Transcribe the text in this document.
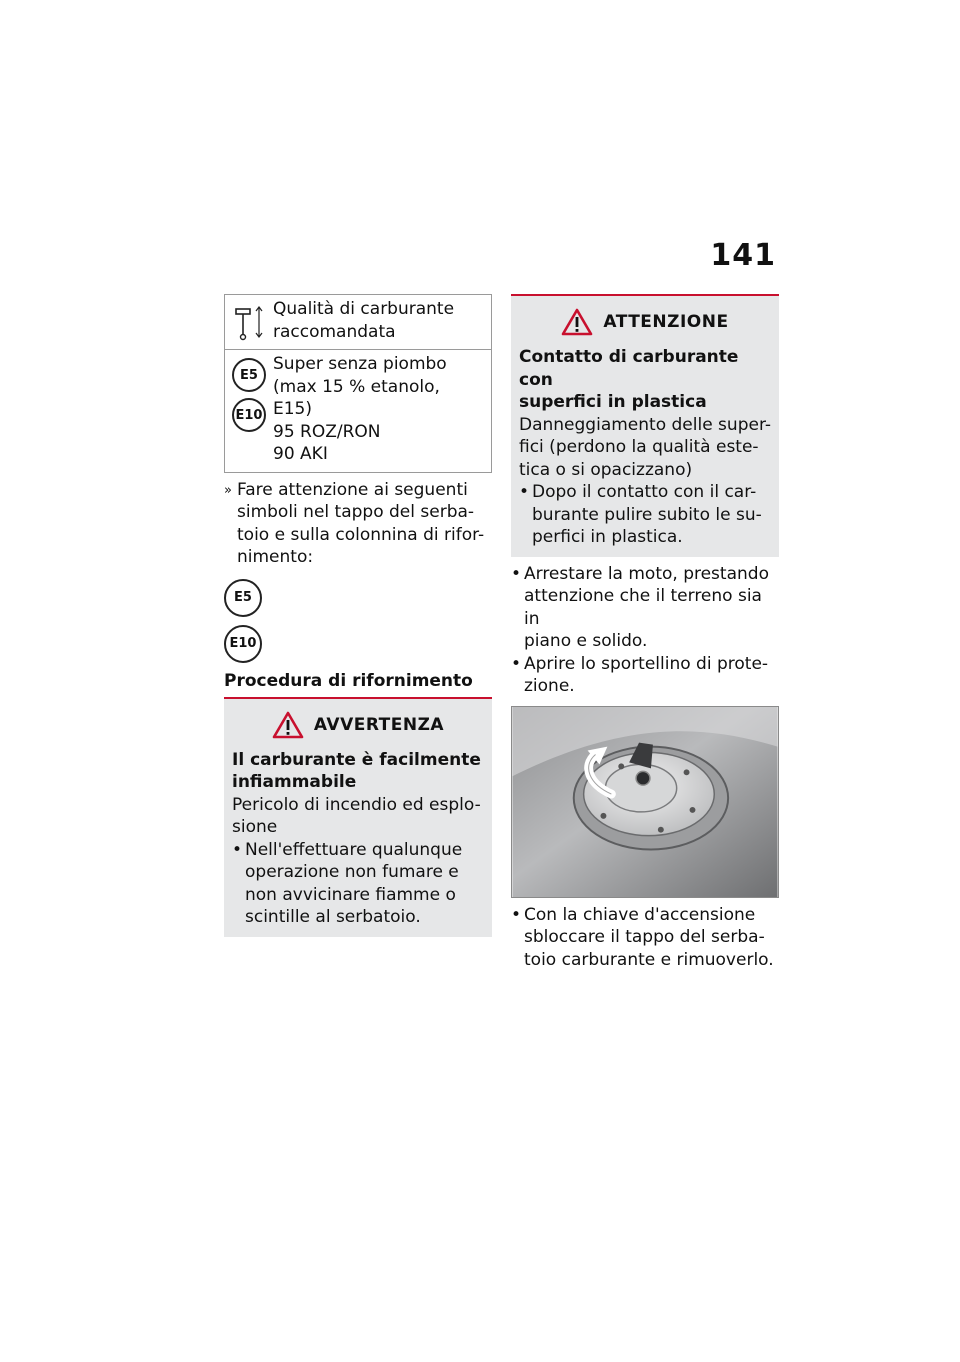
141
Qualità di carburante
raccomandata
E5
E10
Super senza piombo
(max 15 % etanolo,
E15)
95 ROZ/RON
90 AKI
» Fare attenzione ai seguenti
simboli nel tappo del serba-
toio e sulla colonnina di rifor-
nimento:
E5
E10
Procedura di rifornimento
AVVERTENZA
Il carburante è facilmente
infiammabile
Pericolo di incendio ed esplo-
sione
• Nell'effettuare qualunque
operazione non fumare e
non avvicinare fiamme o
scintille al serbatoio.
ATTENZIONE
Contatto di carburante con
superfici in plastica
Danneggiamento delle super-
fici (perdono la qualità este-
tica o si opacizzano)
• Dopo il contatto con il car-
burante pulire subito le su-
perfici in plastica.
• Arrestare la moto, prestando
attenzione che il terreno sia in
piano e solido.
• Aprire lo sportellino di prote-
zione.
• Con la chiave d'accensione
sbloccare il tappo del serba-
toio carburante e rimuoverlo.
